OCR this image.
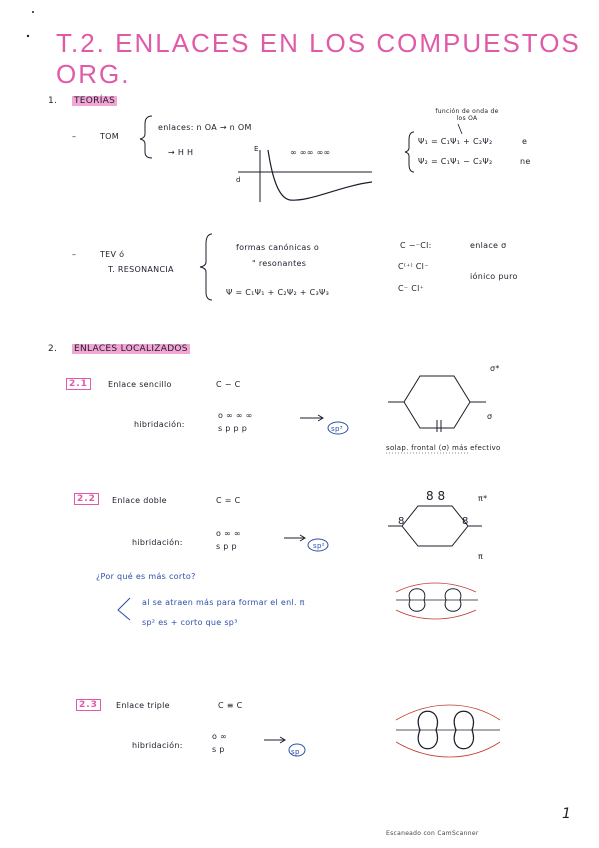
T.2. ENLACES EN LOS COMPUESTOS ORG.
1. TEORÍAS
–	TOM
enlaces: n OA → n OM
→ H H	∞ ∞∞ ∞∞
E
d
función de onda de los OA
Ψ₁ = C₁Ψ₁ + C₂Ψ₂
Ψ₂ = C₁Ψ₁ − C₂Ψ₂
e
ne
–	TEV ó
T. RESONANCIA
formas canónicas o
" resonantes
Ψ = C₁Ψ₁ + C₂Ψ₂ + C₃Ψ₃
C −⁻Cl:
C⁽⁺⁾ Cl⁻
C⁻ Cl⁺
enlace σ
iónico puro
2. ENLACES LOCALIZADOS
2.1	Enlace sencillo	C − C
hibridación:
o ∞ ∞ ∞
s p p p	sp³
σ*
σ
solap. frontal (σ) más efectivo
2.2	Enlace doble	C = C
hibridación:
o ∞ ∞
s p p	sp²
π*
π
¿Por qué es más corto?
al se atraen más para formar el enl. π
sp² es + corto que sp³
2.3	Enlace triple	C ≡ C
hibridación:
o ∞
s p	sp
1
Escaneado con CamScanner
8 8
8	8
